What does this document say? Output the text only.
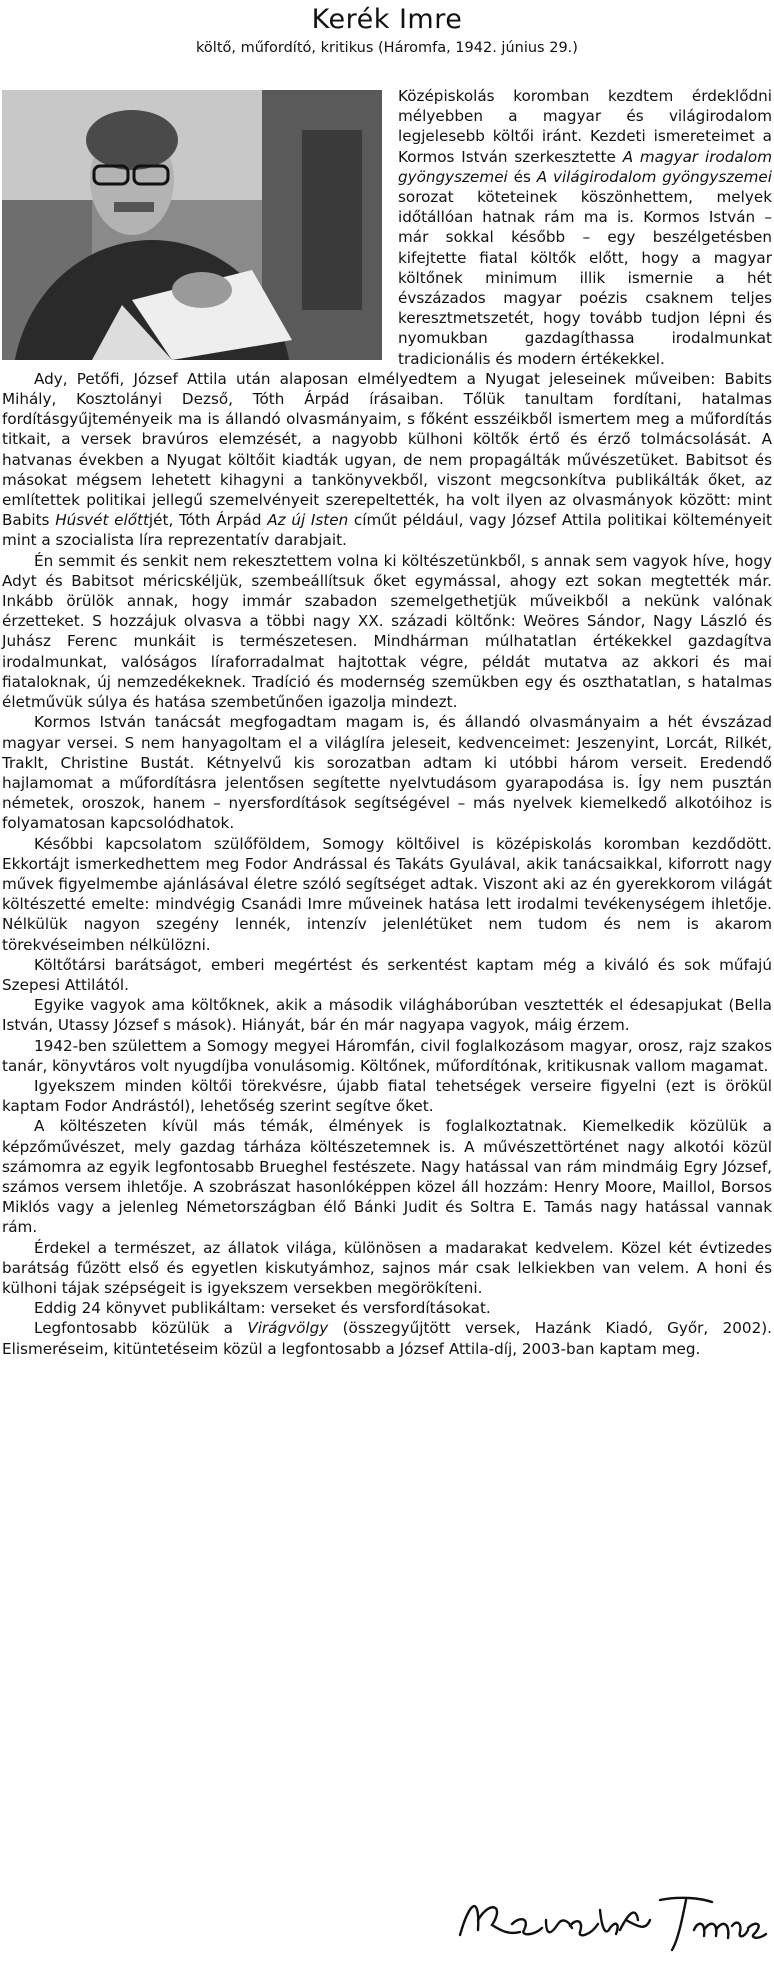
Kerék Imre
költő, műfordító, kritikus (Háromfa, 1942. június 29.)

Középiskolás koromban kezdtem érdeklődni mélyebben a magyar és világirodalom legjelesebb költői iránt. Kezdeti ismereteimet a Kormos István szerkesztette A magyar irodalom gyöngyszemei és A világirodalom gyöngyszemei sorozat köteteinek köszönhettem, melyek időtállóan hatnak rám ma is. Kormos István – már sokkal később – egy beszélgetésben kifejtette fiatal költők előtt, hogy a magyar költőnek minimum illik ismernie a hét évszázados magyar poézis csaknem teljes keresztmetszetét, hogy tovább tudjon lépni és nyomukban gazdagíthassa irodalmunkat tradicionális és modern értékekkel.

Ady, Petőfi, József Attila után alaposan elmélyedtem a Nyugat jeleseinek műveiben: Babits Mihály, Kosztolányi Dezső, Tóth Árpád írásaiban. Tőlük tanultam fordítani, hatalmas fordításgyűjteményeik ma is állandó olvasmányaim, s főként esszéikből ismertem meg a műfordítás titkait, a versek bravúros elemzését, a nagyobb külhoni költők értő és érző tolmácsolását. A hatvanas években a Nyugat költőit kiadták ugyan, de nem propagálták művészetüket. Babitsot és másokat mégsem lehetett kihagyni a tankönyvekből, viszont megcsonkítva publikálták őket, az említettek politikai jellegű szemelvényeit szerepeltették, ha volt ilyen az olvasmányok között: mint Babits Húsvét előttjét, Tóth Árpád Az új Isten címűt például, vagy József Attila politikai költeményeit mint a szocialista líra reprezentatív darabjait.

Én semmit és senkit nem rekesztettem volna ki költészetünkből, s annak sem vagyok híve, hogy Adyt és Babitsot méricskéljük, szembeállítsuk őket egymással, ahogy ezt sokan megtették már. Inkább örülök annak, hogy immár szabadon szemelgethetjük műveikből a nekünk valónak érzetteket. S hozzájuk olvasva a többi nagy XX. századi költőnk: Weöres Sándor, Nagy László és Juhász Ferenc munkáit is természetesen. Mindhárman múlhatatlan értékekkel gazdagítva irodalmunkat, valóságos líraforradalmat hajtottak végre, példát mutatva az akkori és mai fiataloknak, új nemzedékeknek. Tradíció és modernség szemükben egy és oszthatatlan, s hatalmas életművük súlya és hatása szembetűnően igazolja mindezt.

Kormos István tanácsát megfogadtam magam is, és állandó olvasmányaim a hét évszázad magyar versei. S nem hanyagoltam el a világlíra jeleseit, kedvenceimet: Jeszenyint, Lorcát, Rilkét, Traklt, Christine Bustát. Kétnyelvű kis sorozatban adtam ki utóbbi három verseit. Eredendő hajlamomat a műfordításra jelentősen segítette nyelvtudásom gyarapodása is. Így nem pusztán németek, oroszok, hanem – nyersfordítások segítségével – más nyelvek kiemelkedő alkotóihoz is folyamatosan kapcsolódhatok.

Későbbi kapcsolatom szülőföldem, Somogy költőivel is középiskolás koromban kezdődött. Ekkortájt ismerkedhettem meg Fodor Andrással és Takáts Gyulával, akik tanácsaikkal, kiforrott nagy művek figyelmembe ajánlásával életre szóló segítséget adtak. Viszont aki az én gyerekkorom világát költészetté emelte: mindvégig Csanádi Imre műveinek hatása lett irodalmi tevékenységem ihletője. Nélkülük nagyon szegény lennék, intenzív jelenlétüket nem tudom és nem is akarom törekvéseimben nélkülözni.

Költőtársi barátságot, emberi megértést és serkentést kaptam még a kiváló és sok műfajú Szepesi Attilától.

Egyike vagyok ama költőknek, akik a második világháborúban vesztették el édesapjukat (Bella István, Utassy József s mások). Hiányát, bár én már nagyapa vagyok, máig érzem.

1942-ben születtem a Somogy megyei Háromfán, civil foglalkozásom magyar, orosz, rajz szakos tanár, könyvtáros volt nyugdíjba vonulásomig. Költőnek, műfordítónak, kritikusnak vallom magamat.

Igyekszem minden költői törekvésre, újabb fiatal tehetségek verseire figyelni (ezt is örökül kaptam Fodor Andrástól), lehetőség szerint segítve őket.

A költészeten kívül más témák, élmények is foglalkoztatnak. Kiemelkedik közülük a képzőművészet, mely gazdag tárháza költészetemnek is. A művészettörténet nagy alkotói közül számomra az egyik legfontosabb Brueghel festészete. Nagy hatással van rám mindmáig Egry József, számos versem ihletője. A szobrászat hasonlóképpen közel áll hozzám: Henry Moore, Maillol, Borsos Miklós vagy a jelenleg Németországban élő Bánki Judit és Soltra E. Tamás nagy hatással vannak rám.

Érdekel a természet, az állatok világa, különösen a madarakat kedvelem. Közel két évtizedes barátság fűzött első és egyetlen kiskutyámhoz, sajnos már csak lelkiekben van velem. A honi és külhoni tájak szépségeit is igyekszem versekben megörökíteni.

Eddig 24 könyvet publikáltam: verseket és versfordításokat.

Legfontosabb közülük a Virágvölgy (összegyűjtött versek, Hazánk Kiadó, Győr, 2002). Elismeréseim, kitüntetéseim közül a legfontosabb a József Attila-díj, 2003-ban kaptam meg.
